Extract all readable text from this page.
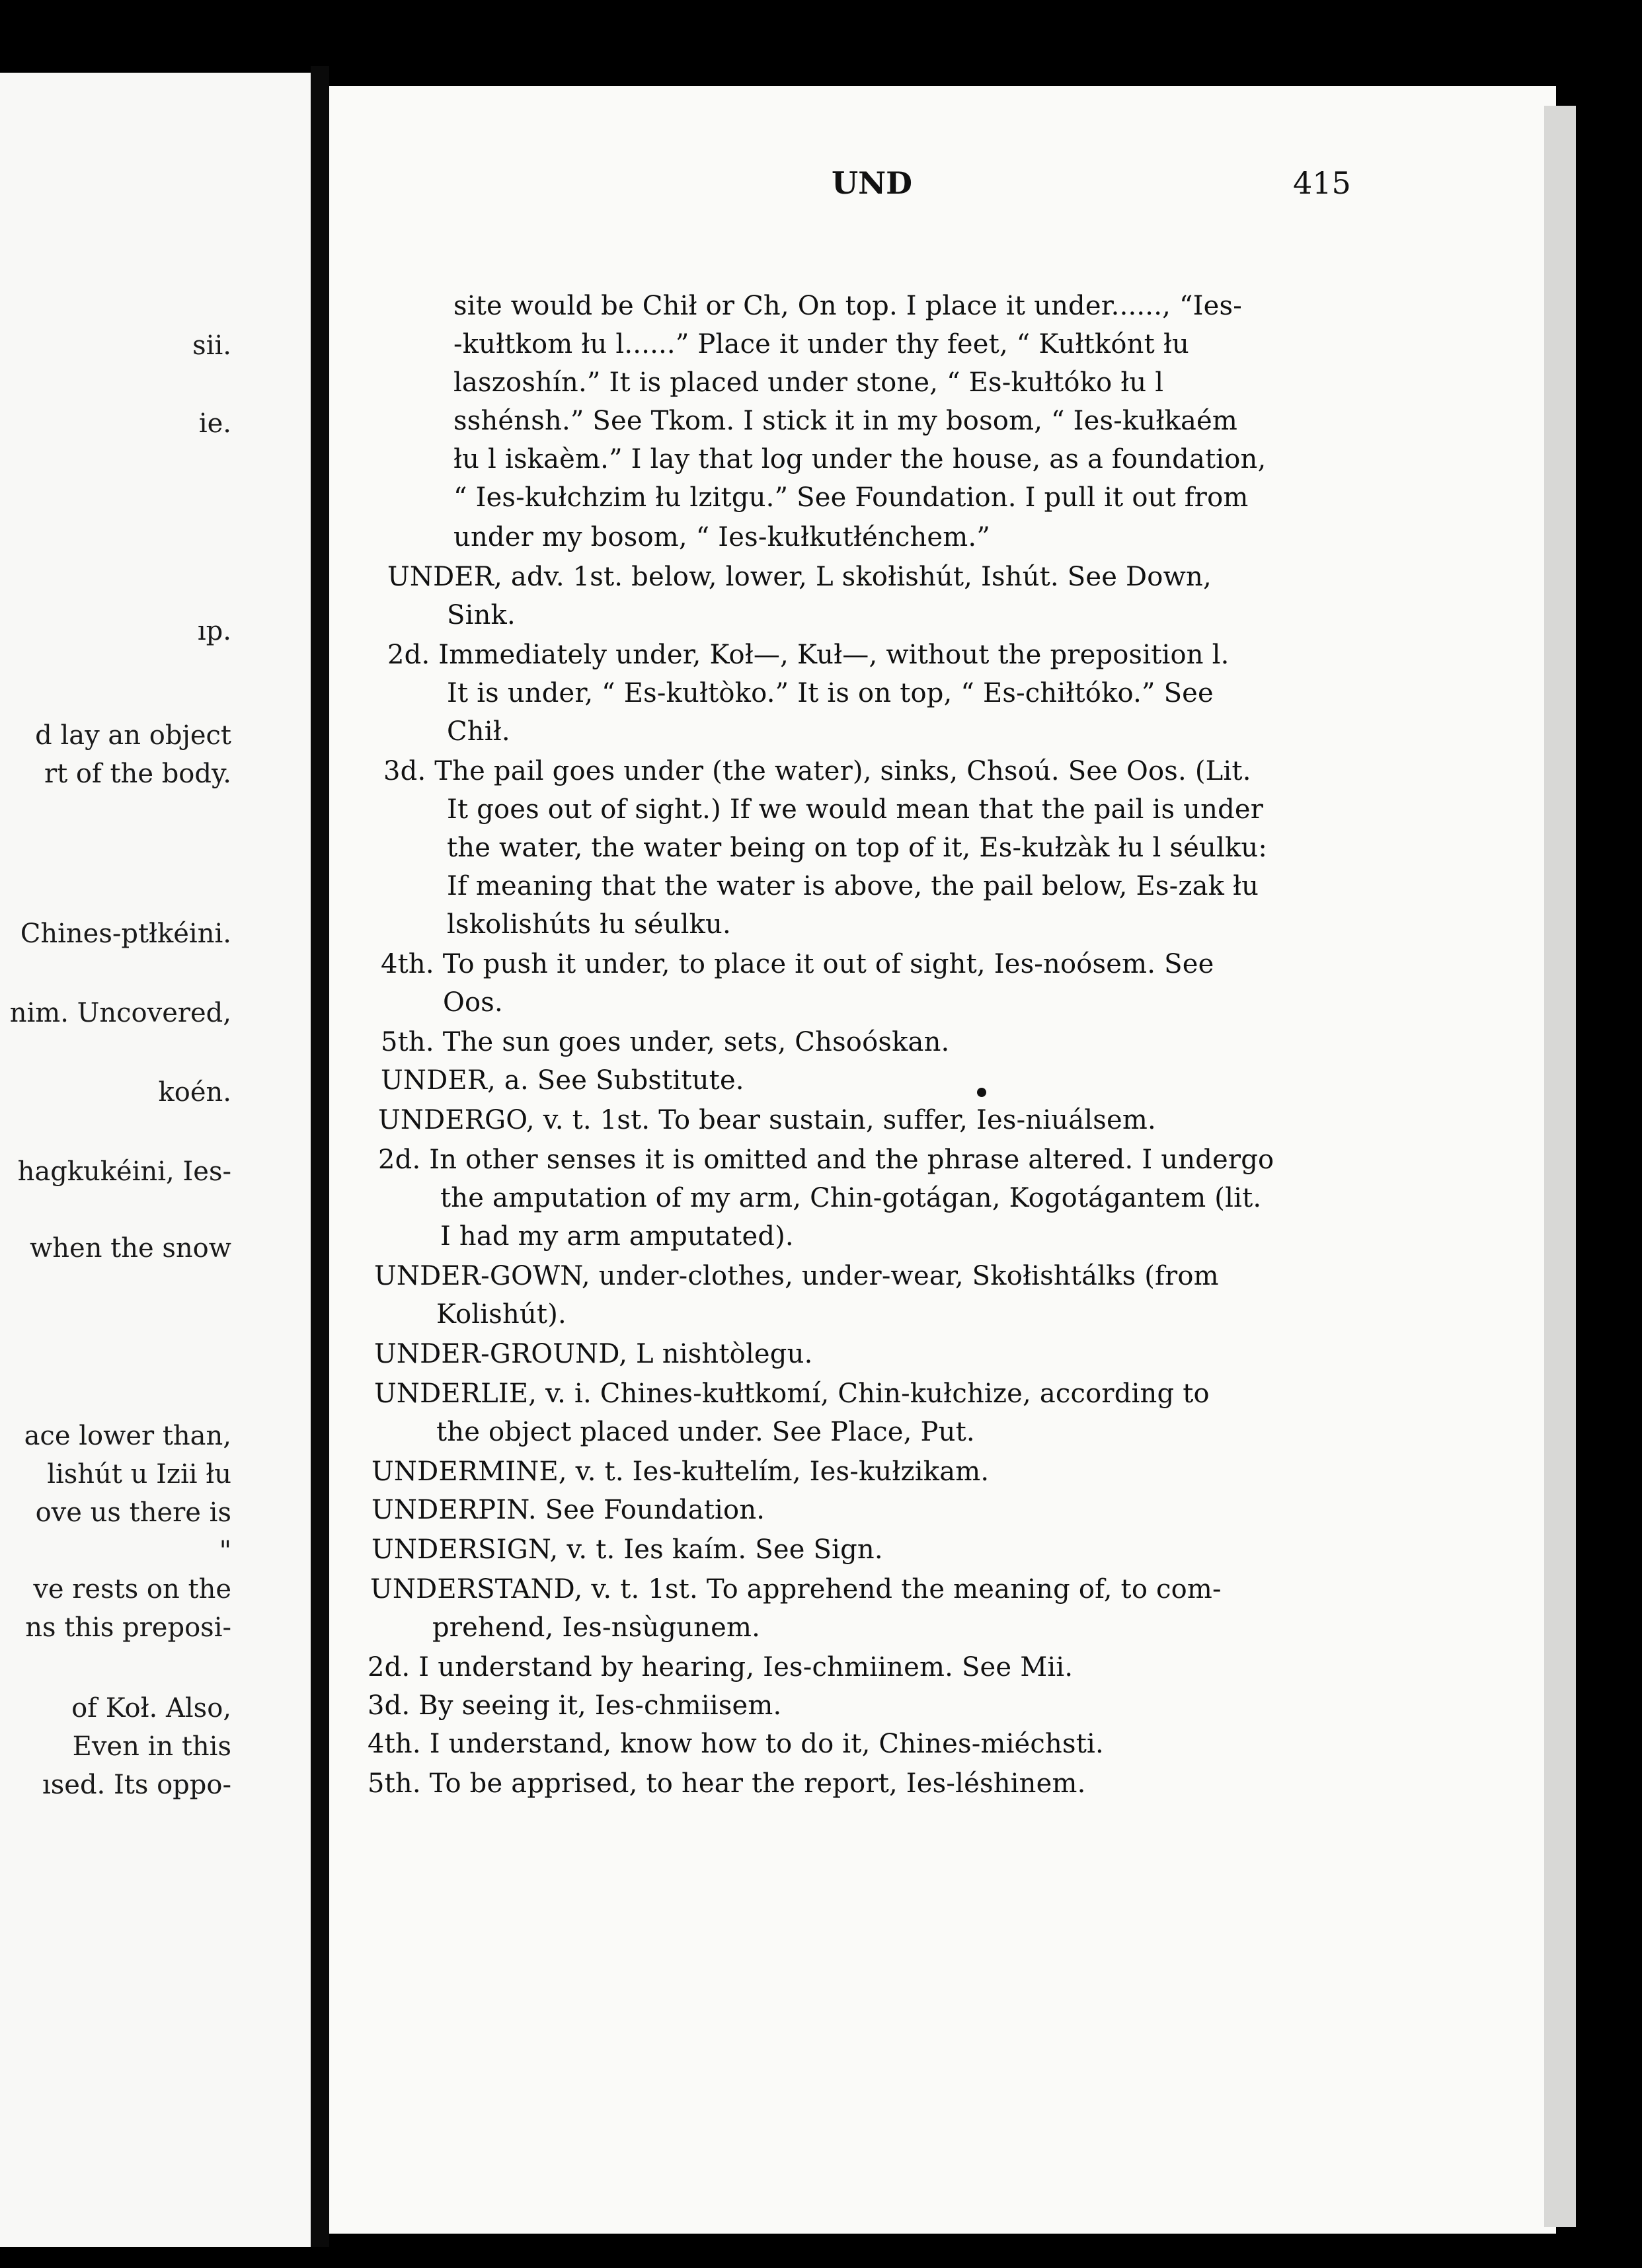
sii.
ie.
ıp.
d lay an object
rt of the body.
Chines-ptłkéini.
nim. Uncovered,
koén.
hagkukéini, Ies-
when the snow
ace lower than,
lishút u Izii łu
ove us there is
"
ve rests on the
ns this preposi-
of Koł. Also,
Even in this
ısed. Its oppo-
UND	415
site would be Chił or Ch, On top. I place it under......, “Ies-
-kułtkom łu l......” Place it under thy feet, “ Kułtkónt łu
laszoshín.” It is placed under stone, “ Es-kułtóko łu l
sshénsh.” See Tkom. I stick it in my bosom, “ Ies-kułkaém
łu l iskaèm.” I lay that log under the house, as a foundation,
“ Ies-kułchzim łu lzitgu.” See Foundation. I pull it out from
under my bosom, “ Ies-kułkutłénchem.”
UNDER, adv. 1st. below, lower, L skołishút, Ishút. See Down,
Sink.
2d. Immediately under, Koł—, Kuł—, without the preposition l.
It is under, “ Es-kułtòko.” It is on top, “ Es-chiłtóko.” See
Chił.
3d. The pail goes under (the water), sinks, Chsoú. See Oos. (Lit.
It goes out of sight.) If we would mean that the pail is under
the water, the water being on top of it, Es-kułzàk łu l séulku:
If meaning that the water is above, the pail below, Es-zak łu
lskolishúts łu séulku.
4th. To push it under, to place it out of sight, Ies-noósem. See
Oos.
5th. The sun goes under, sets, Chsoóskan.
UNDER, a. See Substitute.
UNDERGO, v. t. 1st. To bear sustain, suffer, Ies-niuálsem.
2d. In other senses it is omitted and the phrase altered. I undergo
the amputation of my arm, Chin-gotágan, Kogotágantem (lit.
I had my arm amputated).
UNDER-GOWN, under-clothes, under-wear, Skołishtálks (from
Kolishút).
UNDER-GROUND, L nishtòlegu.
UNDERLIE, v. i. Chines-kułtkomí, Chin-kułchize, according to
the object placed under. See Place, Put.
UNDERMINE, v. t. Ies-kułtelím, Ies-kułzikam.
UNDERPIN. See Foundation.
UNDERSIGN, v. t. Ies kaím. See Sign.
UNDERSTAND, v. t. 1st. To apprehend the meaning of, to com-
prehend, Ies-nsùgunem.
2d. I understand by hearing, Ies-chmiinem. See Mii.
3d. By seeing it, Ies-chmiisem.
4th. I understand, know how to do it, Chines-miéchsti.
5th. To be apprised, to hear the report, Ies-léshinem.
